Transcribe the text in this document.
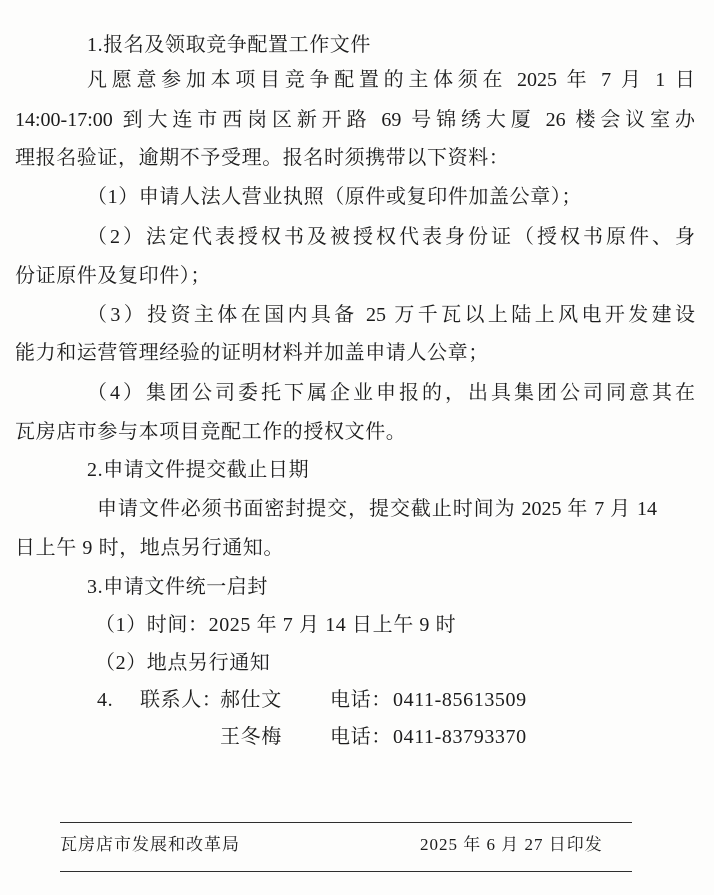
1.报名及领取竞争配置工作文件
凡愿意参加本项目竞争配置的主体须在 2025 年 7 月 1 日
14:00-17:00 到大连市西岗区新开路 69 号锦绣大厦 26 楼会议室办
理报名验证，逾期不予受理。报名时须携带以下资料：
（1）申请人法人营业执照（原件或复印件加盖公章）；
（2）法定代表授权书及被授权代表身份证（授权书原件、身
份证原件及复印件）；
（3）投资主体在国内具备 25 万千瓦以上陆上风电开发建设
能力和运营管理经验的证明材料并加盖申请人公章；
（4）集团公司委托下属企业申报的，出具集团公司同意其在
瓦房店市参与本项目竞配工作的授权文件。
2.申请文件提交截止日期
申请文件必须书面密封提交，提交截止时间为 2025 年 7 月 14
日上午 9 时，地点另行通知。
3.申请文件统一启封
（1）时间：2025 年 7 月 14 日上午 9 时
（2）地点另行通知
4. 联系人：
郝仕文 电话： 0411-85613509
王冬梅 电话： 0411-83793370
瓦房店市发展和改革局	2025 年 6 月 27 日印发
